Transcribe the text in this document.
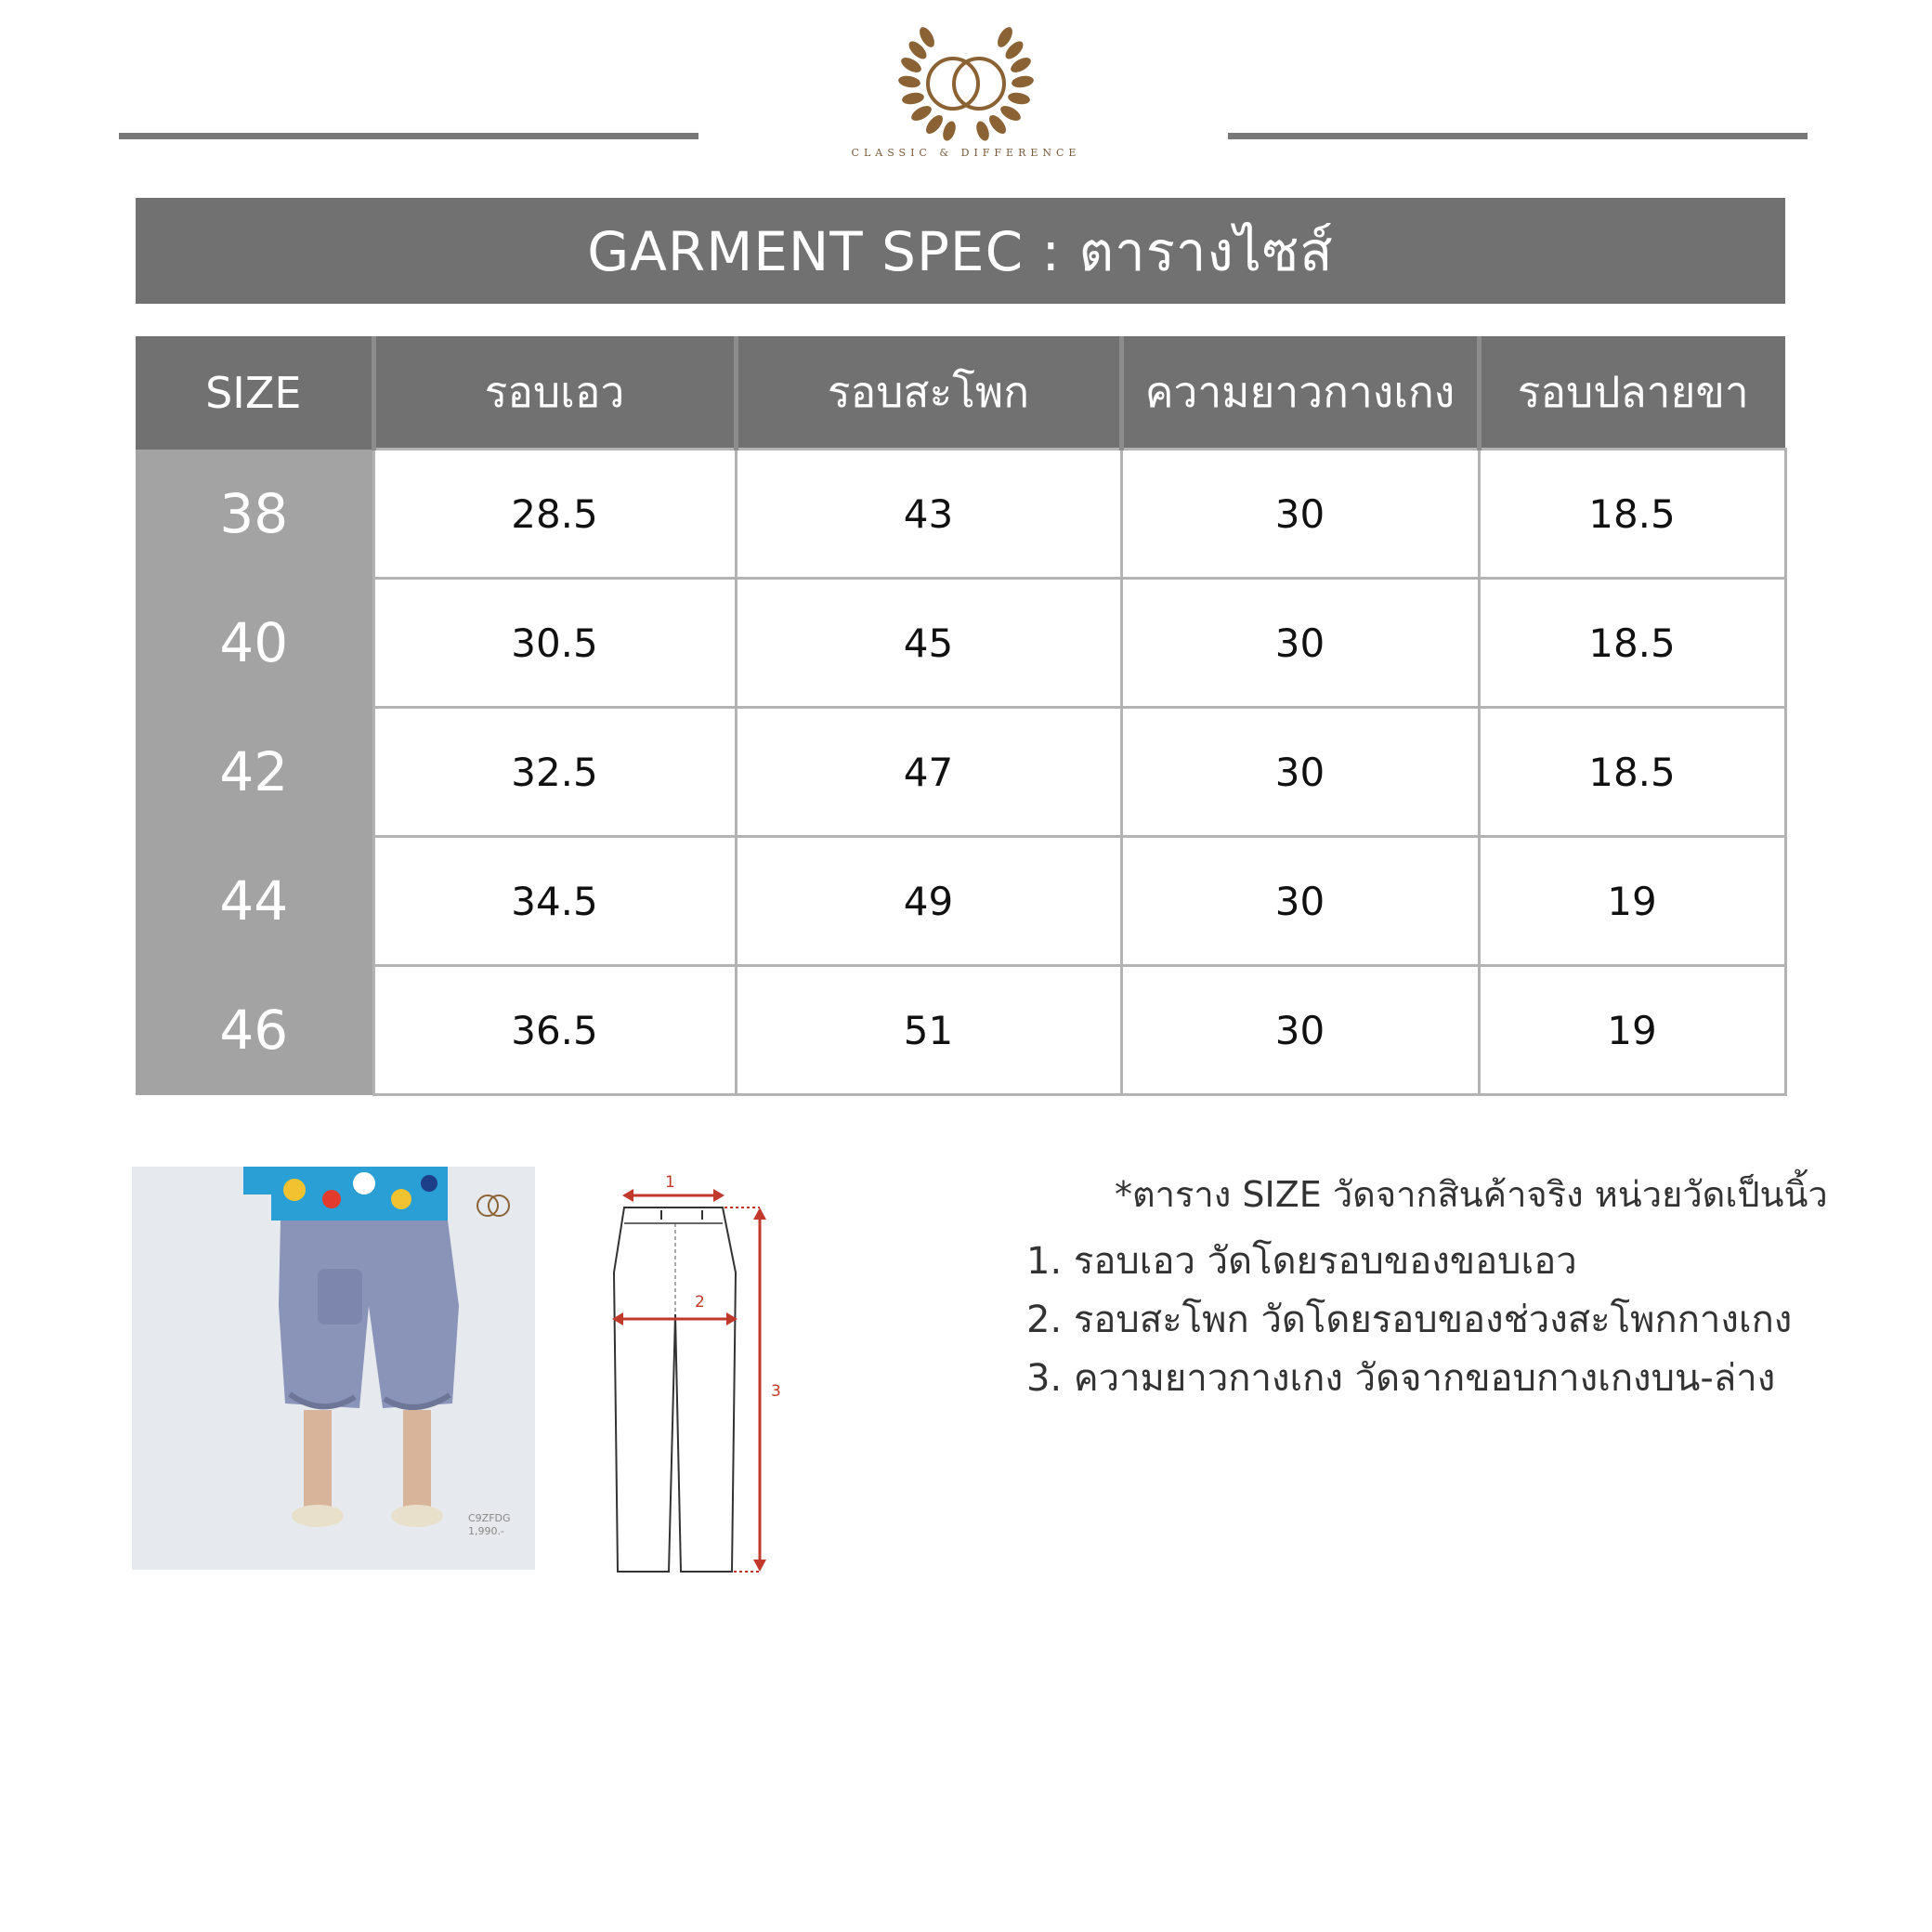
CLASSIC & DIFFERENCE
GARMENT SPEC : ตารางไซส์
SIZE	รอบเอว	รอบสะโพก	ความยาวกางเกง	รอบปลายขา
38	28.5	43	30	18.5
40	30.5	45	30	18.5
42	32.5	47	30	18.5
44	34.5	49	30	19
46	36.5	51	30	19
C9ZFDG
1,990.-
1
2
3
*ตาราง SIZE วัดจากสินค้าจริง หน่วยวัดเป็นนิ้ว
1. รอบเอว วัดโดยรอบของขอบเอว
2. รอบสะโพก วัดโดยรอบของช่วงสะโพกกางเกง
3. ความยาวกางเกง วัดจากขอบกางเกงบน-ล่าง
